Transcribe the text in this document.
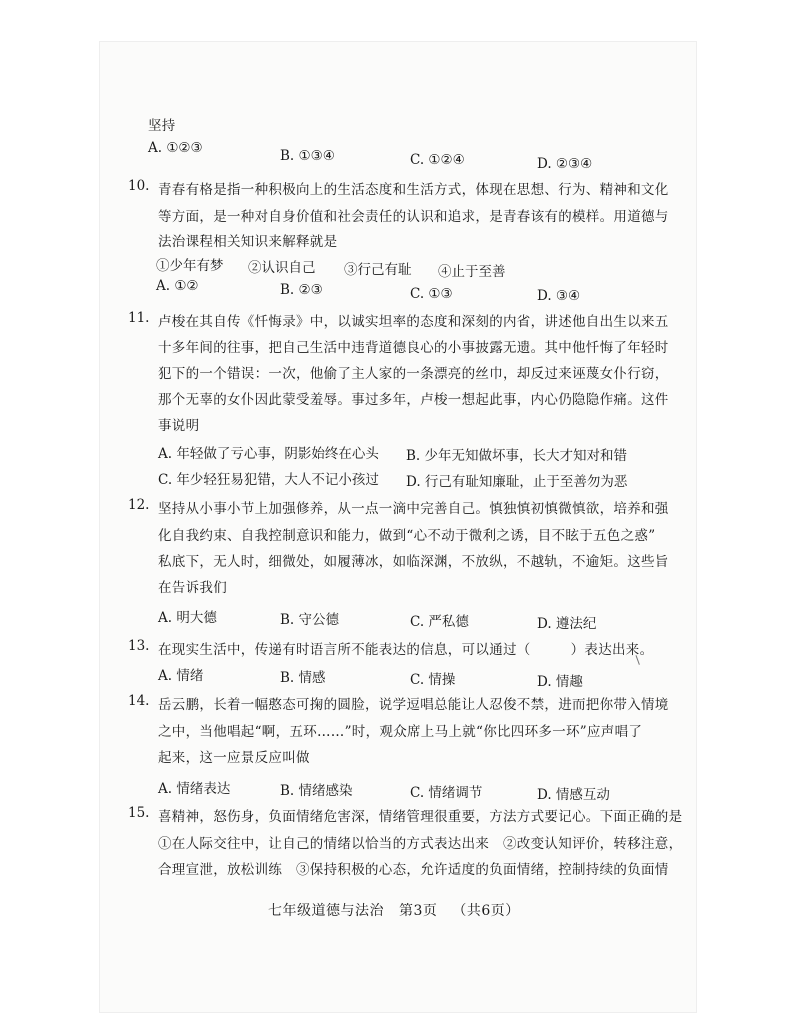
坚持
A. ①②③	B. ①③④	C. ①②④	D. ②③④
10. 青春有格是指一种积极向上的生活态度和生活方式，体现在思想、行为、精神和文化
等方面，是一种对自身价值和社会责任的认识和追求，是青春该有的模样。用道德与
法治课程相关知识来解释就是
①少年有梦 ②认识自己 ③行己有耻 ④止于至善
A. ①②	B. ②③	C. ①③	D. ③④
11. 卢梭在其自传《忏悔录》中，以诚实坦率的态度和深刻的内省，讲述他自出生以来五
十多年间的往事，把自己生活中违背道德良心的小事披露无遗。其中他忏悔了年轻时
犯下的一个错误：一次，他偷了主人家的一条漂亮的丝巾，却反过来诬蔑女仆行窃，
那个无辜的女仆因此蒙受羞辱。事过多年，卢梭一想起此事，内心仍隐隐作痛。这件
事说明
A. 年轻做了亏心事，阴影始终在心头 B. 少年无知做坏事，长大才知对和错
C. 年少轻狂易犯错，大人不记小孩过 D. 行己有耻知廉耻，止于至善勿为恶
12. 坚持从小事小节上加强修养，从一点一滴中完善自己。慎独慎初慎微慎欲，培养和强
化自我约束、自我控制意识和能力，做到“心不动于微利之诱，目不眩于五色之惑”
私底下，无人时，细微处，如履薄冰，如临深渊，不放纵，不越轨，不逾矩。这些旨
在告诉我们
A. 明大德	B. 守公德	C. 严私德	D. 遵法纪
13. 在现实生活中，传递有时语言所不能表达的信息，可以通过（	）表达出来。
A. 情绪	B. 情感	C. 情操	D. 情趣
14. 岳云鹏，长着一幅憨态可掬的圆脸，说学逗唱总能让人忍俊不禁，进而把你带入情境
之中，当他唱起“啊，五环……”时，观众席上马上就“你比四环多一环”应声唱了
起来，这一应景反应叫做
A. 情绪表达	B. 情绪感染	C. 情绪调节	D. 情感互动
15. 喜精神，怒伤身，负面情绪危害深，情绪管理很重要，方法方式要记心。下面正确的是
①在人际交往中，让自己的情绪以恰当的方式表达出来　②改变认知评价，转移注意，
合理宣泄，放松训练　③保持积极的心态，允许适度的负面情绪，控制持续的负面情
七年级道德与法治 第3页 （共6页）
